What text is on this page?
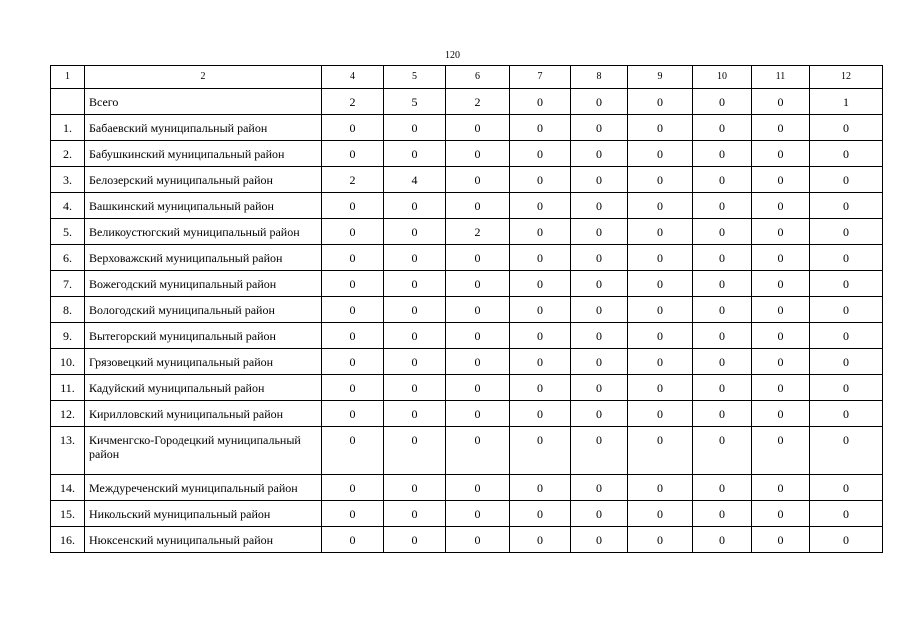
120
1	2	4	5	6	7	8	9	10	11	12
	Всего	2	5	2	0	0	0	0	0	1
1.	Бабаевский муниципальный район	0	0	0	0	0	0	0	0	0
2.	Бабушкинский муниципальный район	0	0	0	0	0	0	0	0	0
3.	Белозерский муниципальный район	2	4	0	0	0	0	0	0	0
4.	Вашкинский муниципальный район	0	0	0	0	0	0	0	0	0
5.	Великоустюгский муниципальный район	0	0	2	0	0	0	0	0	0
6.	Верховажский муниципальный район	0	0	0	0	0	0	0	0	0
7.	Вожегодский муниципальный район	0	0	0	0	0	0	0	0	0
8.	Вологодский муниципальный район	0	0	0	0	0	0	0	0	0
9.	Вытегорский муниципальный район	0	0	0	0	0	0	0	0	0
10.	Грязовецкий муниципальный район	0	0	0	0	0	0	0	0	0
11.	Кадуйский муниципальный район	0	0	0	0	0	0	0	0	0
12.	Кирилловский муниципальный район	0	0	0	0	0	0	0	0	0
13.	Кичменгско-Городецкий муниципальный район	0	0	0	0	0	0	0	0	0
14.	Междуреченский муниципальный район	0	0	0	0	0	0	0	0	0
15.	Никольский муниципальный район	0	0	0	0	0	0	0	0	0
16.	Нюксенский муниципальный район	0	0	0	0	0	0	0	0	0
